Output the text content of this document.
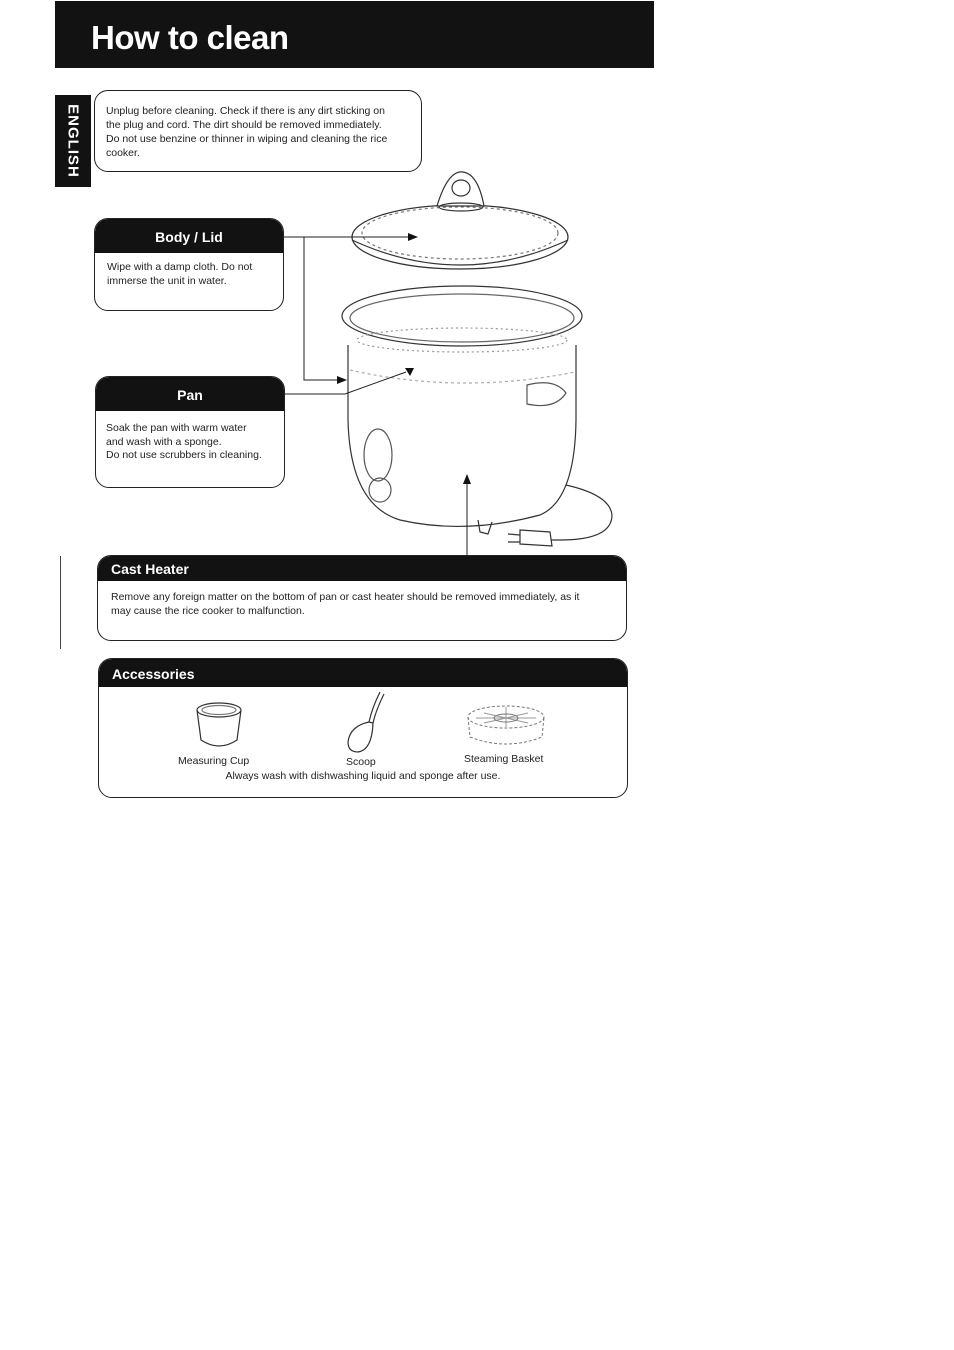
How to clean
ENGLISH Unplug before cleaning. Check if there is any dirt sticking on
the plug and cord. The dirt should be removed immediately.
Do not use benzine or thinner in wiping and cleaning the rice
cooker.
Body / Lid
Wipe with a damp cloth. Do not
immerse the unit in water.
Pan
Soak the pan with warm water
and wash with a sponge.
Do not use scrubbers in cleaning.
Cast Heater
Remove any foreign matter on the bottom of pan or cast heater should be removed immediately, as it
may cause the rice cooker to malfunction.
Accessories
Measuring Cup	Scoop	Steaming Basket
Always wash with dishwashing liquid and sponge after use.
